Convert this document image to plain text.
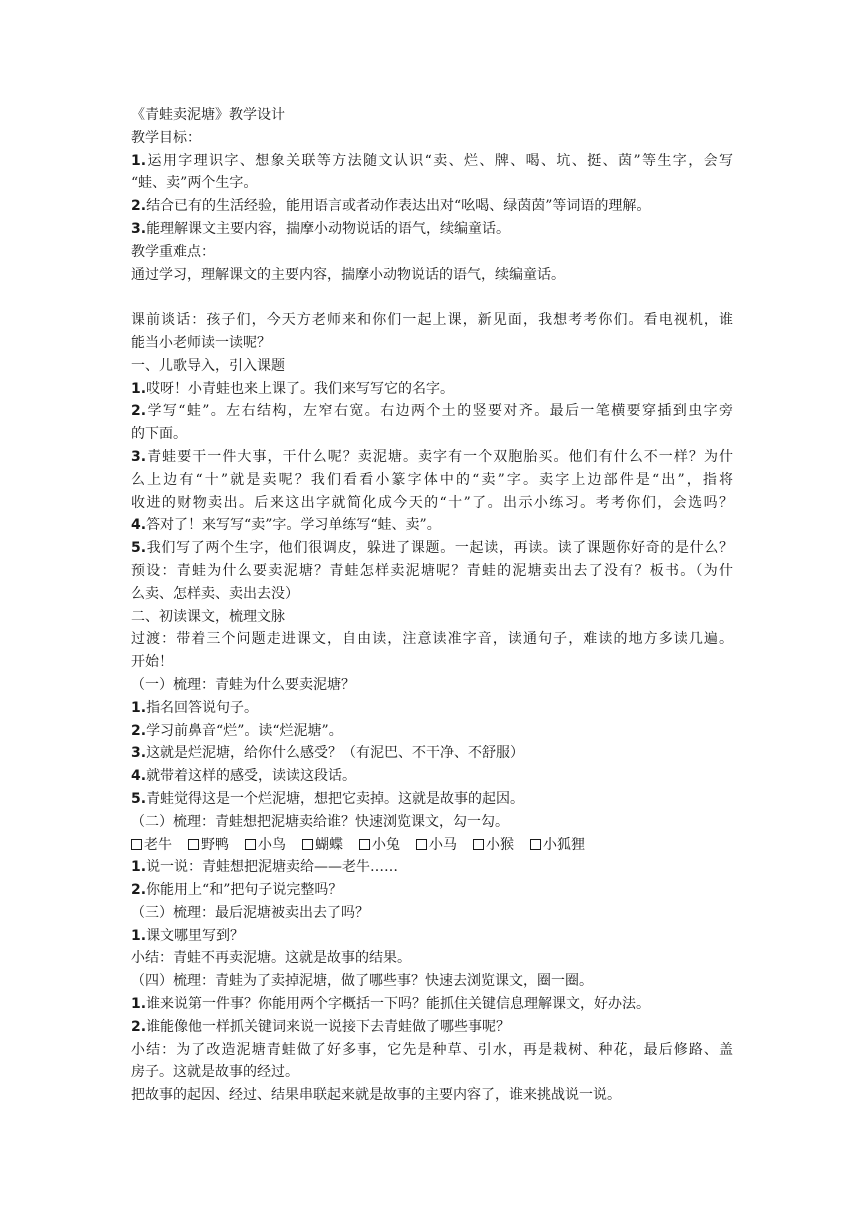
《青蛙卖泥塘》教学设计
教学目标：
1.运用字理识字、想象关联等方法随文认识“卖、烂、牌、喝、坑、挺、茵”等生字，会写
“蛙、卖”两个生字。
2.结合已有的生活经验，能用语言或者动作表达出对“吆喝、绿茵茵”等词语的理解。
3.能理解课文主要内容，揣摩小动物说话的语气，续编童话。
教学重难点：
通过学习，理解课文的主要内容，揣摩小动物说话的语气，续编童话。
课前谈话：孩子们，今天方老师来和你们一起上课，新见面，我想考考你们。看电视机，谁
能当小老师读一读呢？
一、儿歌导入，引入课题
1.哎呀！小青蛙也来上课了。我们来写写它的名字。
2.学写“蛙”。左右结构，左窄右宽。右边两个土的竖要对齐。最后一笔横要穿插到虫字旁
的下面。
3.青蛙要干一件大事，干什么呢？卖泥塘。卖字有一个双胞胎买。他们有什么不一样？为什
么上边有“十”就是卖呢？我们看看小篆字体中的“卖”字。卖字上边部件是“出”，指将
收进的财物卖出。后来这出字就简化成今天的“十”了。出示小练习。考考你们，会选吗？
4.答对了！来写写“卖”字。学习单练写“蛙、卖”。
5.我们写了两个生字，他们很调皮，躲进了课题。一起读，再读。读了课题你好奇的是什么？
预设：青蛙为什么要卖泥塘？青蛙怎样卖泥塘呢？青蛙的泥塘卖出去了没有？板书。（为什
么卖、怎样卖、卖出去没）
二、初读课文，梳理文脉
过渡：带着三个问题走进课文，自由读，注意读准字音，读通句子，难读的地方多读几遍。
开始！
（一）梳理：青蛙为什么要卖泥塘？
1.指名回答说句子。
2.学习前鼻音“烂”。读“烂泥塘”。
3.这就是烂泥塘，给你什么感受？（有泥巴、不干净、不舒服）
4.就带着这样的感受，读读这段话。
5.青蛙觉得这是一个烂泥塘，想把它卖掉。这就是故事的起因。
（二）梳理：青蛙想把泥塘卖给谁？快速浏览课文，勾一勾。
老牛 野鸭 小鸟 蝴蝶 小兔 小马 小猴 小狐狸
1.说一说：青蛙想把泥塘卖给——老牛……
2.你能用上“和”把句子说完整吗？
（三）梳理：最后泥塘被卖出去了吗？
1.课文哪里写到？
小结：青蛙不再卖泥塘。这就是故事的结果。
（四）梳理：青蛙为了卖掉泥塘，做了哪些事？快速去浏览课文，圈一圈。
1.谁来说第一件事？你能用两个字概括一下吗？能抓住关键信息理解课文，好办法。
2.谁能像他一样抓关键词来说一说接下去青蛙做了哪些事呢？
小结：为了改造泥塘青蛙做了好多事，它先是种草、引水，再是栽树、种花，最后修路、盖
房子。这就是故事的经过。
把故事的起因、经过、结果串联起来就是故事的主要内容了，谁来挑战说一说。
